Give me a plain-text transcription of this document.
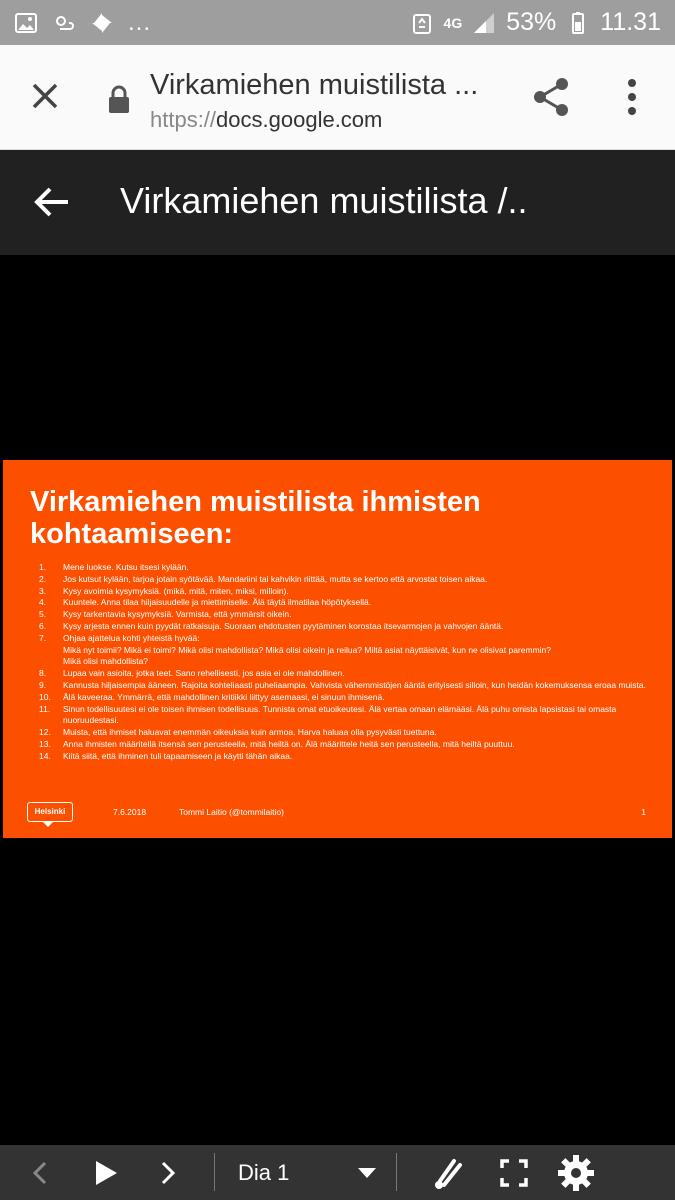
...	4G 53% 11.31
Virkamiehen muistilista ...
https://docs.google.com
Virkamiehen muistilista /..
Virkamiehen muistilista ihmisten kohtaamiseen:
1.	Mene luokse. Kutsu itsesi kylään.
2.	Jos kutsut kylään, tarjoa jotain syötävää. Mandariini tai kahvikin riittää, mutta se kertoo että arvostat toisen aikaa.
3.	Kysy avoimia kysymyksiä. (mikä, mitä, miten, miksi, milloin).
4.	Kuuntele. Anna tilaa hiljaisuudelle ja miettimiselle. Älä täytä ilmatilaa höpötyksellä.
5.	Kysy tarkentavia kysymyksiä. Varmista, että ymmärsit oikein.
6.	Kysy arjesta ennen kuin pyydät ratkaisuja. Suoraan ehdotusten pyytäminen korostaa itsevarmojen ja vahvojen ääntä.
7.	Ohjaa ajattelua kohti yhteistä hyvää:
Mikä nyt toimii? Mikä ei toimi? Mikä olisi mahdollista? Mikä olisi oikein ja reilua? Miltä asiat näyttäisivät, kun ne olisivat paremmin?
Mikä olisi mahdollista?
8.	Lupaa vain asioita, jotka teet. Sano rehellisesti, jos asia ei ole mahdollinen.
9.	Kannusta hiljaisempia ääneen. Rajoita kohteliaasti puheliaampia. Vahvista vähemmistöjen ääntä erityisesti silloin, kun heidän kokemuksensa eroaa muista.
10.	Älä kaveeraa. Ymmärrä, että mahdollinen kritiikki liittyy asemaasi, ei sinuun ihmisenä.
11.	Sinun todellisuutesi ei ole toisen ihmisen todellisuus. Tunnista omat etuoikeutesi. Älä vertaa omaan elämääsi. Älä puhu omista lapsistasi tai omasta nuoruudestasi.
12.	Muista, että ihmiset haluavat enemmän oikeuksia kuin armoa. Harva haluaa olla pysyvästi tuettuna.
13.	Anna ihmisten määritellä itsensä sen perusteella, mitä heiltä on. Älä määrittele heitä sen perusteella, mitä heiltä puuttuu.
14.	Kiitä siitä, että ihminen tuli tapaamiseen ja käytti tähän aikaa.
Helsinki	7.6.2018	Tommi Laitio (@tommilaitio)	1
Dia 1
